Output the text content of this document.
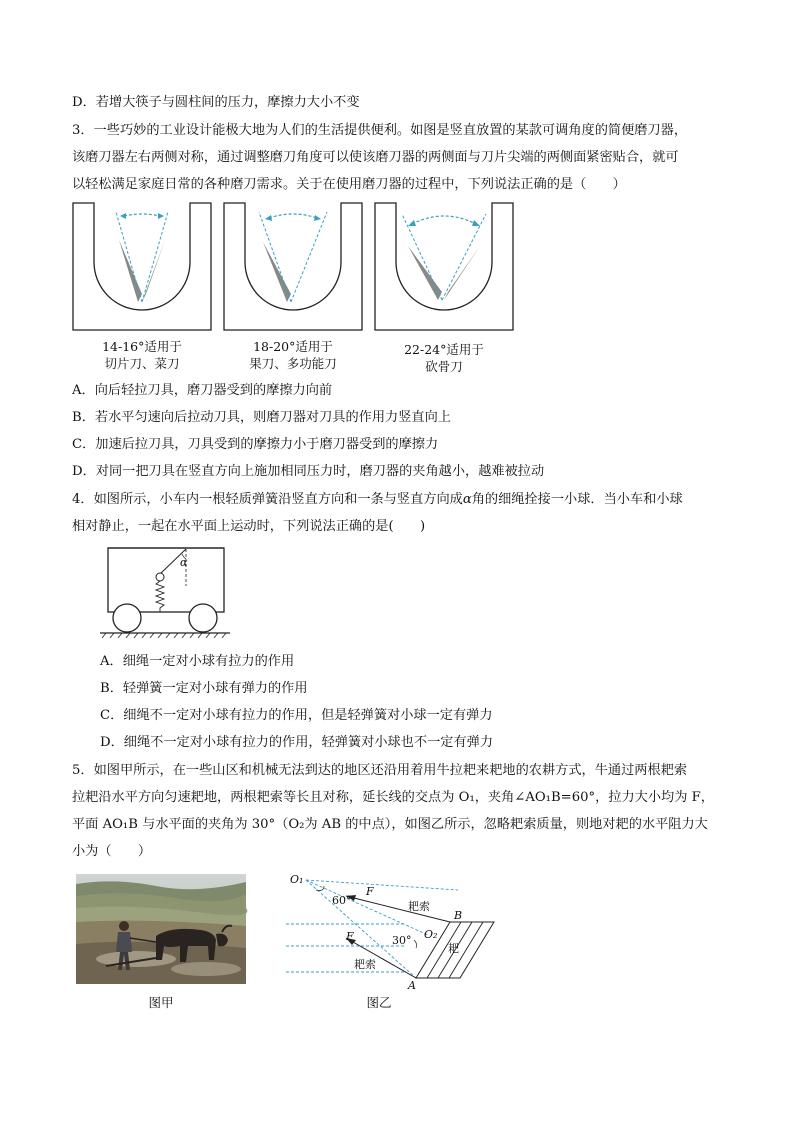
D．若增大筷子与圆柱间的压力，摩擦力大小不变
3．一些巧妙的工业设计能极大地为人们的生活提供便利。如图是竖直放置的某款可调角度的简便磨刀器，
该磨刀器左右两侧对称，通过调整磨刀角度可以使该磨刀器的两侧面与刀片尖端的两侧面紧密贴合，就可
以轻松满足家庭日常的各种磨刀需求。关于在使用磨刀器的过程中，下列说法正确的是（　　）
14-16°适用于
切片刀、菜刀
18-20°适用于
果刀、多功能刀
22-24°适用于
砍骨刀
A．向后轻拉刀具，磨刀器受到的摩擦力向前
B．若水平匀速向后拉动刀具，则磨刀器对刀具的作用力竖直向上
C．加速后拉刀具，刀具受到的摩擦力小于磨刀器受到的摩擦力
D．对同一把刀具在竖直方向上施加相同压力时，磨刀器的夹角越小，越难被拉动
4．如图所示，小车内一根轻质弹簧沿竖直方向和一条与竖直方向成α角的细绳拴接一小球．当小车和小球
相对静止，一起在水平面上运动时，下列说法正确的是(　　)
α
A．细绳一定对小球有拉力的作用
B．轻弹簧一定对小球有弹力的作用
C．细绳不一定对小球有拉力的作用，但是轻弹簧对小球一定有弹力
D．细绳不一定对小球有拉力的作用，轻弹簧对小球也不一定有弹力
5．如图甲所示，在一些山区和机械无法到达的地区还沿用着用牛拉耙来耙地的农耕方式，牛通过两根耙索
拉耙沿水平方向匀速耙地，两根耙索等长且对称，延长线的交点为 O₁，夹角∠AO₁B=60°，拉力大小均为 F，
平面 AO₁B 与水平面的夹角为 30°（O₂为 AB 的中点），如图乙所示，忽略耙索质量，则地对耙的水平阻力大
小为（　　）
图甲
O₁
60°
F
耙索
B
O₂
F	30°
耙
耙索
A
图乙
